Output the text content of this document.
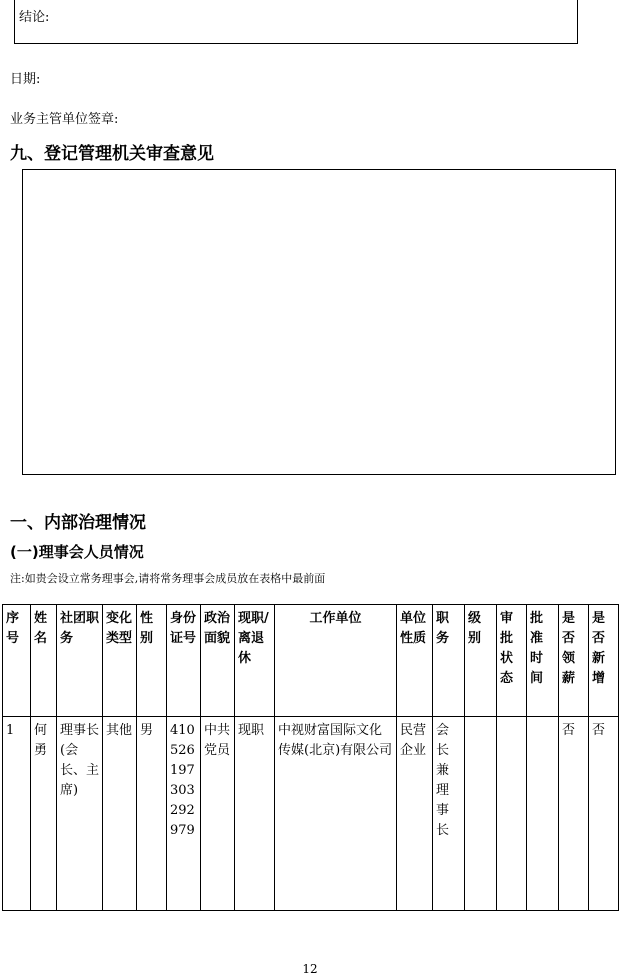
结论:
日期:
业务主管单位签章:
九、登记管理机关审查意见
一、内部治理情况
(一)理事会人员情况
注:如贵会设立常务理事会,请将常务理事会成员放在表格中最前面
序号	姓名	社团职务	变化类型	性别	身份证号	政治面貌	现职/离退休	工作单位	单位性质	职务	级别	审批状态	批准时间	是否领薪	是否新增
1	何勇	理事长(会长、主席)	其他	男	410526197303292979	中共党员	现职	中视财富国际文化传媒(北京)有限公司	民营企业	会长兼理事长				否	否
12
